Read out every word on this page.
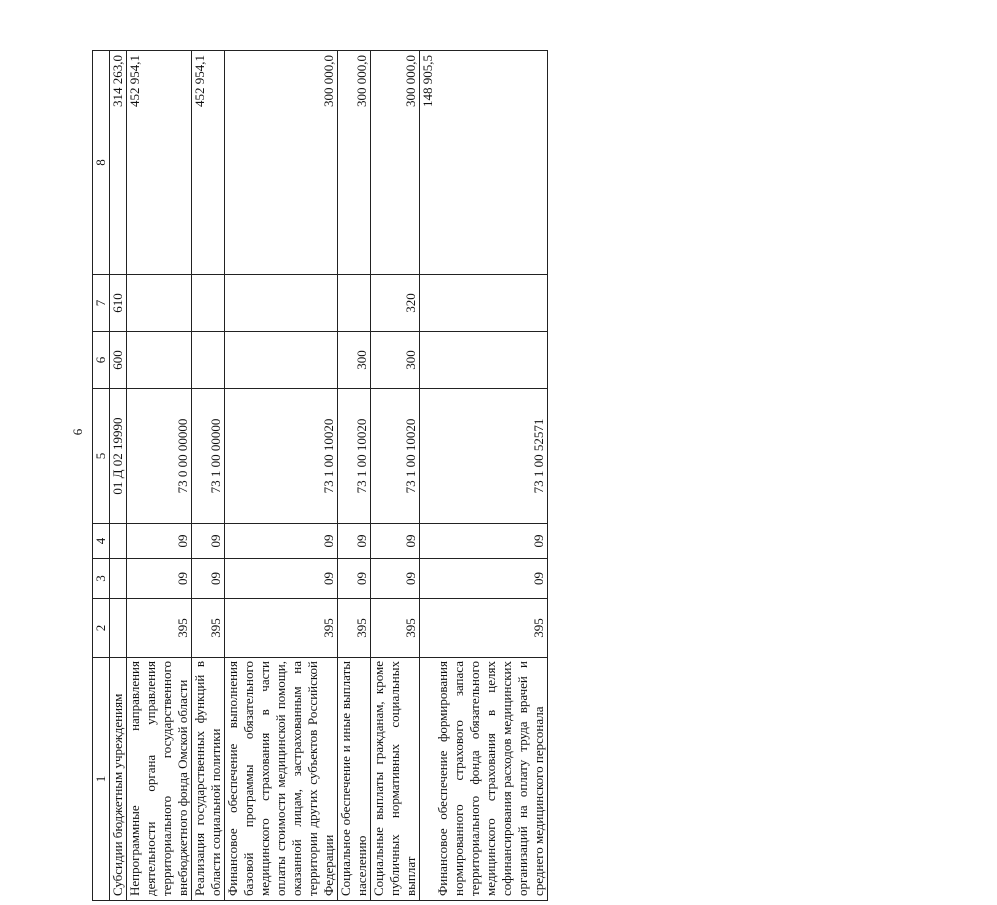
6
1	2	3	4	5	6	7	8
Субсидии бюджетным учреждениям				01 Д 02 19990	600	610	314 263,0
Непрограммные направления деятельности органа управления территориального государственного внебюджетного фонда Омской области	395	09	09	73 0 00 00000			452 954,1
Реализация государственных функций в области социальной политики	395	09	09	73 1 00 00000			452 954,1
Финансовое обеспечение выполнения базовой программы обязательного медицинского страхования в части оплаты стоимости медицинской помощи, оказанной лицам, застрахованным на территории других субъектов Российской Федерации	395	09	09	73 1 00 10020			300 000,0
Социальное обеспечение и иные выплаты населению	395	09	09	73 1 00 10020	300		300 000,0
Социальные выплаты гражданам, кроме публичных нормативных социальных выплат	395	09	09	73 1 00 10020	300	320	300 000,0
Финансовое обеспечение формирования нормированного страхового запаса территориального фонда обязательного медицинского страхования в целях софинансирования расходов медицинских организаций на оплату труда врачей и среднего медицинского персонала	395	09	09	73 1 00 52571			148 905,5
